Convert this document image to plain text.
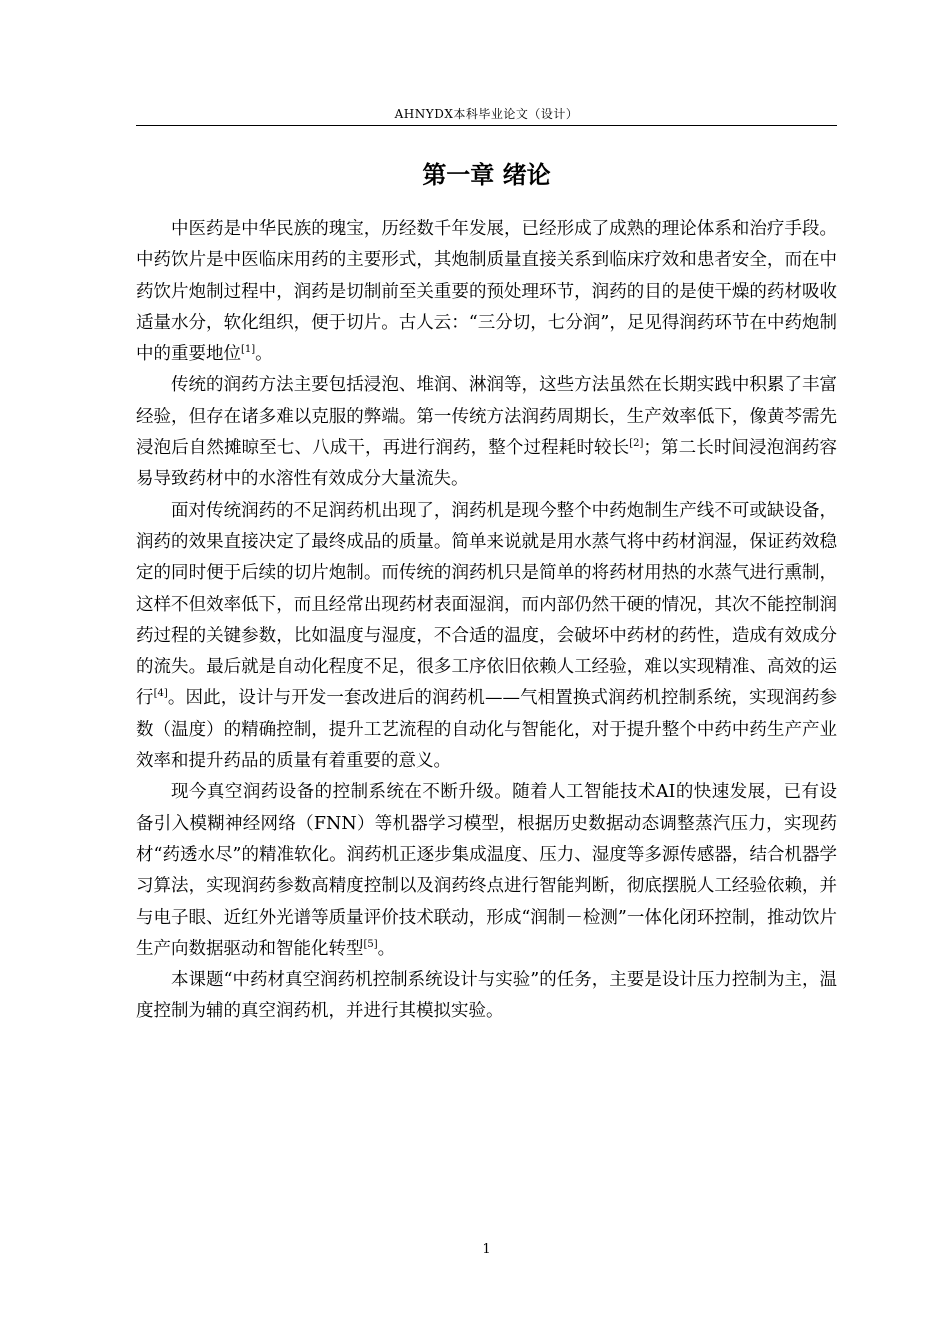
AHNYDX本科毕业论文（设计）
第一章 绪论

中医药是中华民族的瑰宝，历经数千年发展，已经形成了成熟的理论体系和治疗手段。中药饮片是中医临床用药的主要形式，其炮制质量直接关系到临床疗效和患者安全，而在中药饮片炮制过程中，润药是切制前至关重要的预处理环节，润药的目的是使干燥的药材吸收适量水分，软化组织，便于切片。古人云：“三分切，七分润”，足见得润药环节在中药炮制中的重要地位[1]。

传统的润药方法主要包括浸泡、堆润、淋润等，这些方法虽然在长期实践中积累了丰富经验，但存在诸多难以克服的弊端。第一传统方法润药周期长，生产效率低下，像黄芩需先浸泡后自然摊晾至七、八成干，再进行润药，整个过程耗时较长[2]；第二长时间浸泡润药容易导致药材中的水溶性有效成分大量流失。

面对传统润药的不足润药机出现了，润药机是现今整个中药炮制生产线不可或缺设备，润药的效果直接决定了最终成品的质量。简单来说就是用水蒸气将中药材润湿，保证药效稳定的同时便于后续的切片炮制。而传统的润药机只是简单的将药材用热的水蒸气进行熏制，这样不但效率低下，而且经常出现药材表面湿润，而内部仍然干硬的情况，其次不能控制润药过程的关键参数，比如温度与湿度，不合适的温度，会破坏中药材的药性，造成有效成分的流失。最后就是自动化程度不足，很多工序依旧依赖人工经验，难以实现精准、高效的运行[4]。因此，设计与开发一套改进后的润药机——气相置换式润药机控制系统，实现润药参数（温度）的精确控制，提升工艺流程的自动化与智能化，对于提升整个中药中药生产产业效率和提升药品的质量有着重要的意义。

现今真空润药设备的控制系统在不断升级。随着人工智能技术AI的快速发展，已有设备引入模糊神经网络（FNN）等机器学习模型，根据历史数据动态调整蒸汽压力，实现药材“药透水尽”的精准软化。润药机正逐步集成温度、压力、湿度等多源传感器，结合机器学习算法，实现润药参数高精度控制以及润药终点进行智能判断，彻底摆脱人工经验依赖，并与电子眼、近红外光谱等质量评价技术联动，形成“润制－检测”一体化闭环控制，推动饮片生产向数据驱动和智能化转型[5]。

本课题“中药材真空润药机控制系统设计与实验”的任务，主要是设计压力控制为主，温度控制为辅的真空润药机，并进行其模拟实验。

1
